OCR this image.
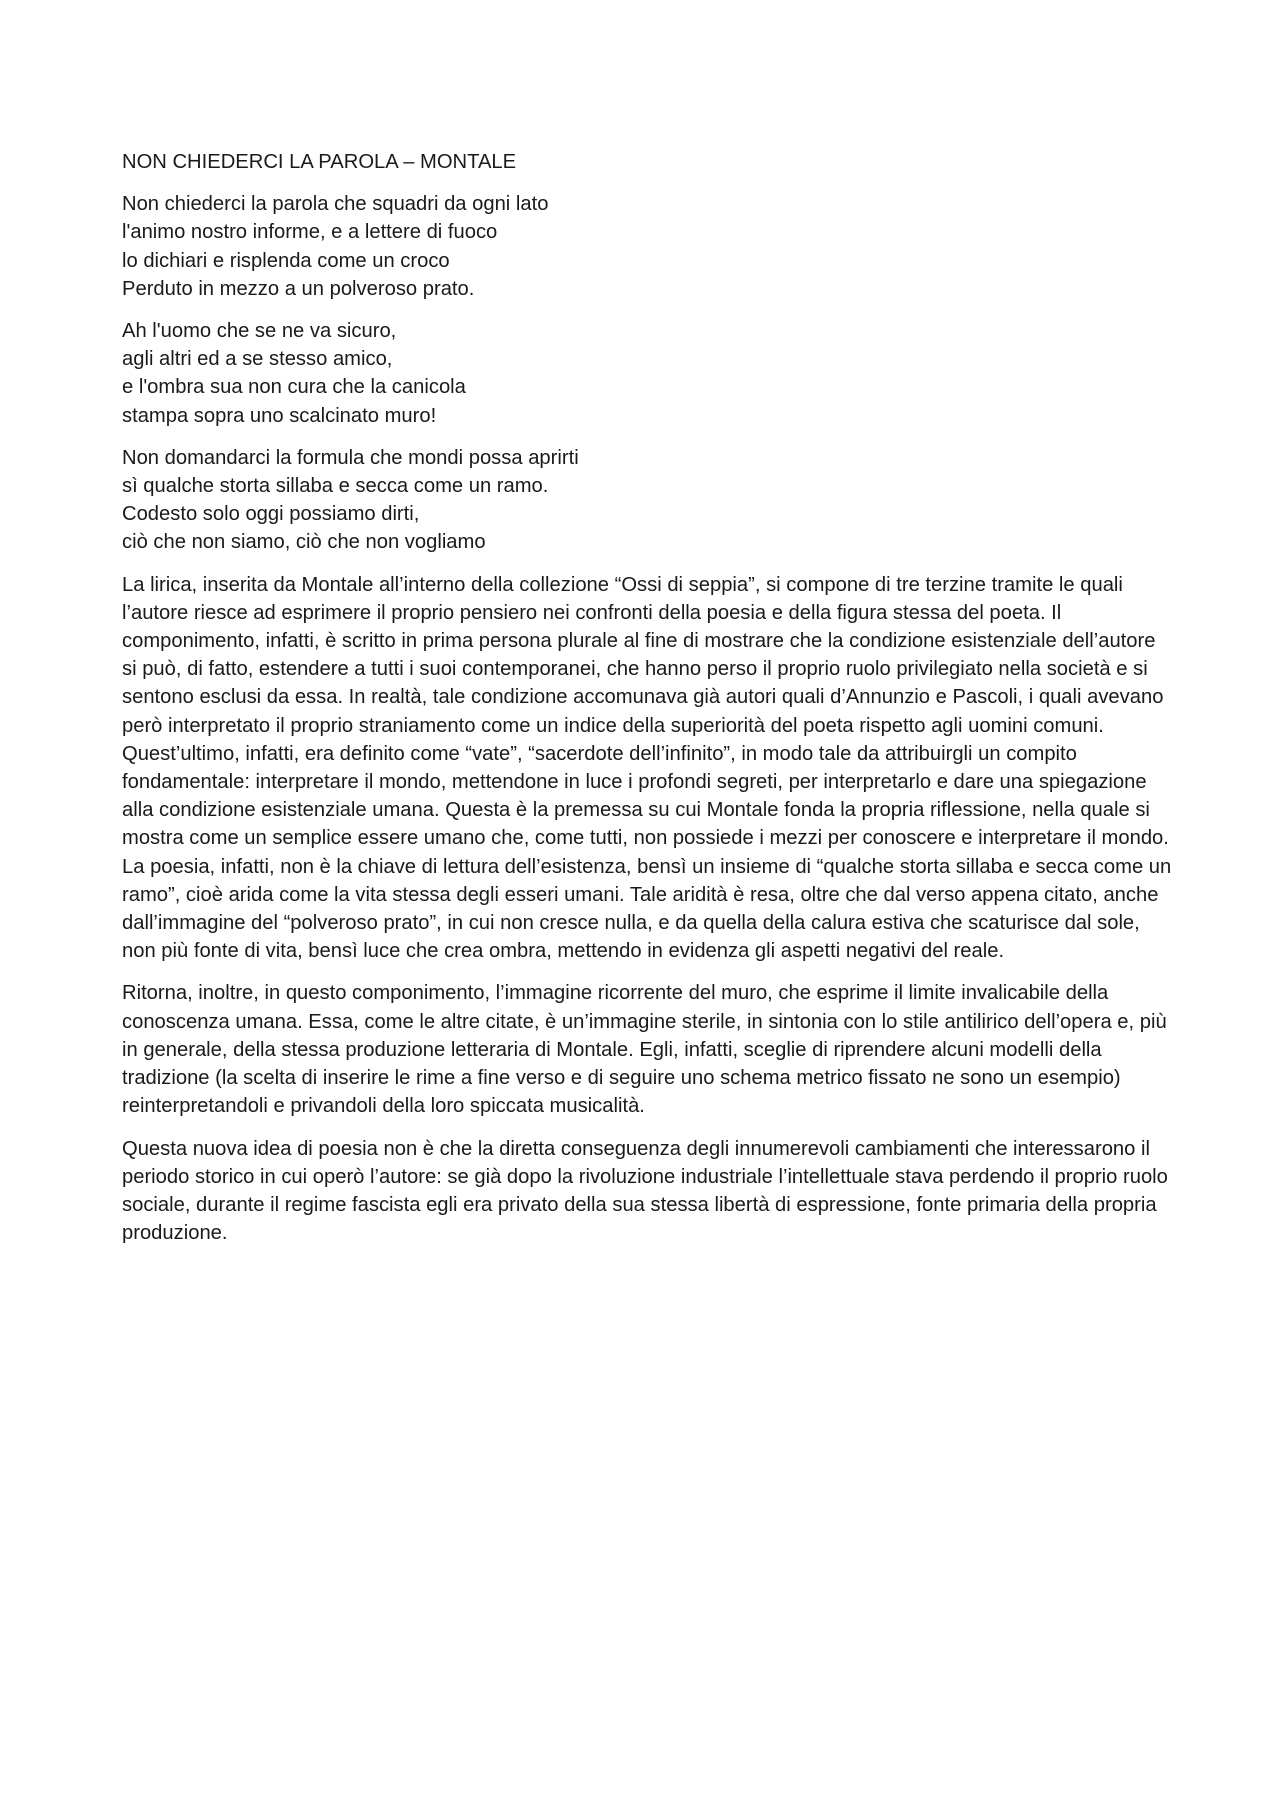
NON CHIEDERCI LA PAROLA – MONTALE

Non chiederci la parola che squadri da ogni lato
l'animo nostro informe, e a lettere di fuoco
lo dichiari e risplenda come un croco
Perduto in mezzo a un polveroso prato.
Ah l'uomo che se ne va sicuro,
agli altri ed a se stesso amico,
e l'ombra sua non cura che la canicola
stampa sopra uno scalcinato muro!
Non domandarci la formula che mondi possa aprirti
sì qualche storta sillaba e secca come un ramo.
Codesto solo oggi possiamo dirti,
ciò che non siamo, ciò che non vogliamo

La lirica, inserita da Montale all’interno della collezione “Ossi di seppia”, si compone di tre terzine tramite le quali l’autore riesce ad esprimere il proprio pensiero nei confronti della poesia e della figura stessa del poeta. Il componimento, infatti, è scritto in prima persona plurale al fine di mostrare che la condizione esistenziale dell’autore si può, di fatto, estendere a tutti i suoi contemporanei, che hanno perso il proprio ruolo privilegiato nella società e si sentono esclusi da essa. In realtà, tale condizione accomunava già autori quali d’Annunzio e Pascoli, i quali avevano però interpretato il proprio straniamento come un indice della superiorità del poeta rispetto agli uomini comuni. Quest’ultimo, infatti, era definito come “vate”, “sacerdote dell’infinito”, in modo tale da attribuirgli un compito fondamentale: interpretare il mondo, mettendone in luce i profondi segreti, per interpretarlo e dare una spiegazione alla condizione esistenziale umana. Questa è la premessa su cui Montale fonda la propria riflessione, nella quale si mostra come un semplice essere umano che, come tutti, non possiede i mezzi per conoscere e interpretare il mondo. La poesia, infatti, non è la chiave di lettura dell’esistenza, bensì un insieme di “qualche storta sillaba e secca come un ramo”, cioè arida come la vita stessa degli esseri umani. Tale aridità è resa, oltre che dal verso appena citato, anche dall’immagine del “polveroso prato”, in cui non cresce nulla, e da quella della calura estiva che scaturisce dal sole, non più fonte di vita, bensì luce che crea ombra, mettendo in evidenza gli aspetti negativi del reale.

Ritorna, inoltre, in questo componimento, l’immagine ricorrente del muro, che esprime il limite invalicabile della conoscenza umana. Essa, come le altre citate, è un’immagine sterile, in sintonia con lo stile antilirico dell’opera e, più in generale, della stessa produzione letteraria di Montale. Egli, infatti, sceglie di riprendere alcuni modelli della tradizione (la scelta di inserire le rime a fine verso e di seguire uno schema metrico fissato ne sono un esempio) reinterpretandoli e privandoli della loro spiccata musicalità.

Questa nuova idea di poesia non è che la diretta conseguenza degli innumerevoli cambiamenti che interessarono il periodo storico in cui operò l’autore: se già dopo la rivoluzione industriale l’intellettuale stava perdendo il proprio ruolo sociale, durante il regime fascista egli era privato della sua stessa libertà di espressione, fonte primaria della propria produzione.
